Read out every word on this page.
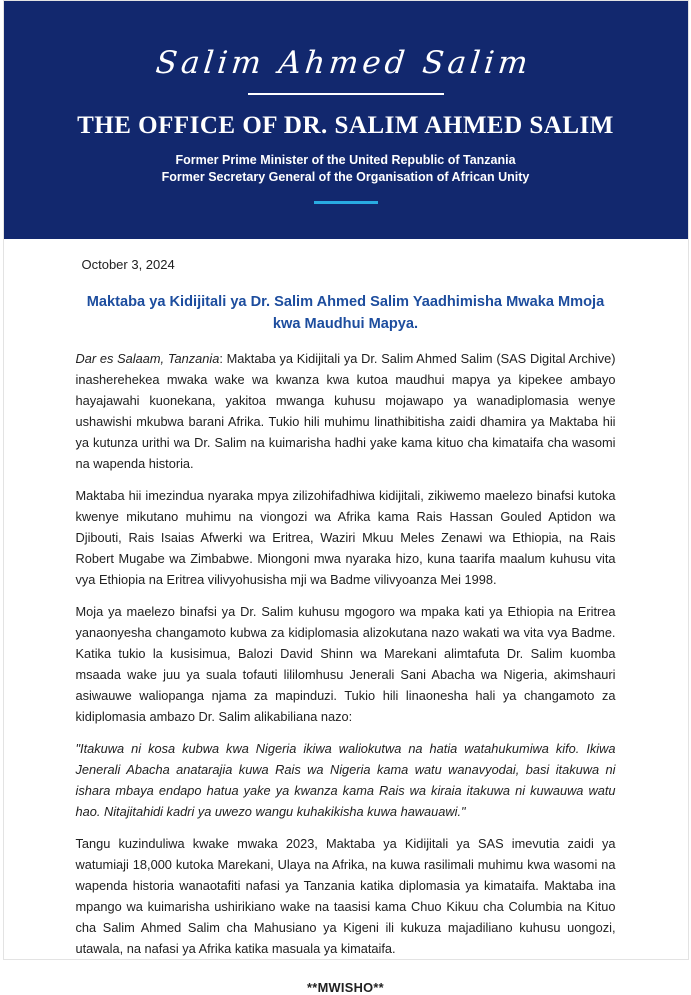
Salim Ahmed Salim
THE OFFICE OF DR. SALIM AHMED SALIM
Former Prime Minister of the United Republic of Tanzania
Former Secretary General of the Organisation of African Unity
October 3, 2024
Maktaba ya Kidijitali ya Dr. Salim Ahmed Salim Yaadhimisha Mwaka Mmoja kwa Maudhui Mapya.

Dar es Salaam, Tanzania: Maktaba ya Kidijitali ya Dr. Salim Ahmed Salim (SAS Digital Archive) inasherehekea mwaka wake wa kwanza kwa kutoa maudhui mapya ya kipekee ambayo hayajawahi kuonekana, yakitoa mwanga kuhusu mojawapo ya wanadiplomasia wenye ushawishi mkubwa barani Afrika. Tukio hili muhimu linathibitisha zaidi dhamira ya Maktaba hii ya kutunza urithi wa Dr. Salim na kuimarisha hadhi yake kama kituo cha kimataifa cha wasomi na wapenda historia.

Maktaba hii imezindua nyaraka mpya zilizohifadhiwa kidijitali, zikiwemo maelezo binafsi kutoka kwenye mikutano muhimu na viongozi wa Afrika kama Rais Hassan Gouled Aptidon wa Djibouti, Rais Isaias Afwerki wa Eritrea, Waziri Mkuu Meles Zenawi wa Ethiopia, na Rais Robert Mugabe wa Zimbabwe. Miongoni mwa nyaraka hizo, kuna taarifa maalum kuhusu vita vya Ethiopia na Eritrea vilivyohusisha mji wa Badme vilivyoanza Mei 1998.

Moja ya maelezo binafsi ya Dr. Salim kuhusu mgogoro wa mpaka kati ya Ethiopia na Eritrea yanaonyesha changamoto kubwa za kidiplomasia alizokutana nazo wakati wa vita vya Badme. Katika tukio la kusisimua, Balozi David Shinn wa Marekani alimtafuta Dr. Salim kuomba msaada wake juu ya suala tofauti lililomhusu Jenerali Sani Abacha wa Nigeria, akimshauri asiwauwe waliopanga njama za mapinduzi. Tukio hili linaonesha hali ya changamoto za kidiplomasia ambazo Dr. Salim alikabiliana nazo:

"Itakuwa ni kosa kubwa kwa Nigeria ikiwa waliokutwa na hatia watahukumiwa kifo. Ikiwa Jenerali Abacha anatarajia kuwa Rais wa Nigeria kama watu wanavyodai, basi itakuwa ni ishara mbaya endapo hatua yake ya kwanza kama Rais wa kiraia itakuwa ni kuwauwa watu hao. Nitajitahidi kadri ya uwezo wangu kuhakikisha kuwa hawauawi."

Tangu kuzinduliwa kwake mwaka 2023, Maktaba ya Kidijitali ya SAS imevutia zaidi ya watumiaji 18,000 kutoka Marekani, Ulaya na Afrika, na kuwa rasilimali muhimu kwa wasomi na wapenda historia wanaotafiti nafasi ya Tanzania katika diplomasia ya kimataifa. Maktaba ina mpango wa kuimarisha ushirikiano wake na taasisi kama Chuo Kikuu cha Columbia na Kituo cha Salim Ahmed Salim cha Mahusiano ya Kigeni ili kukuza majadiliano kuhusu uongozi, utawala, na nafasi ya Afrika katika masuala ya kimataifa.

**MWISHO**
